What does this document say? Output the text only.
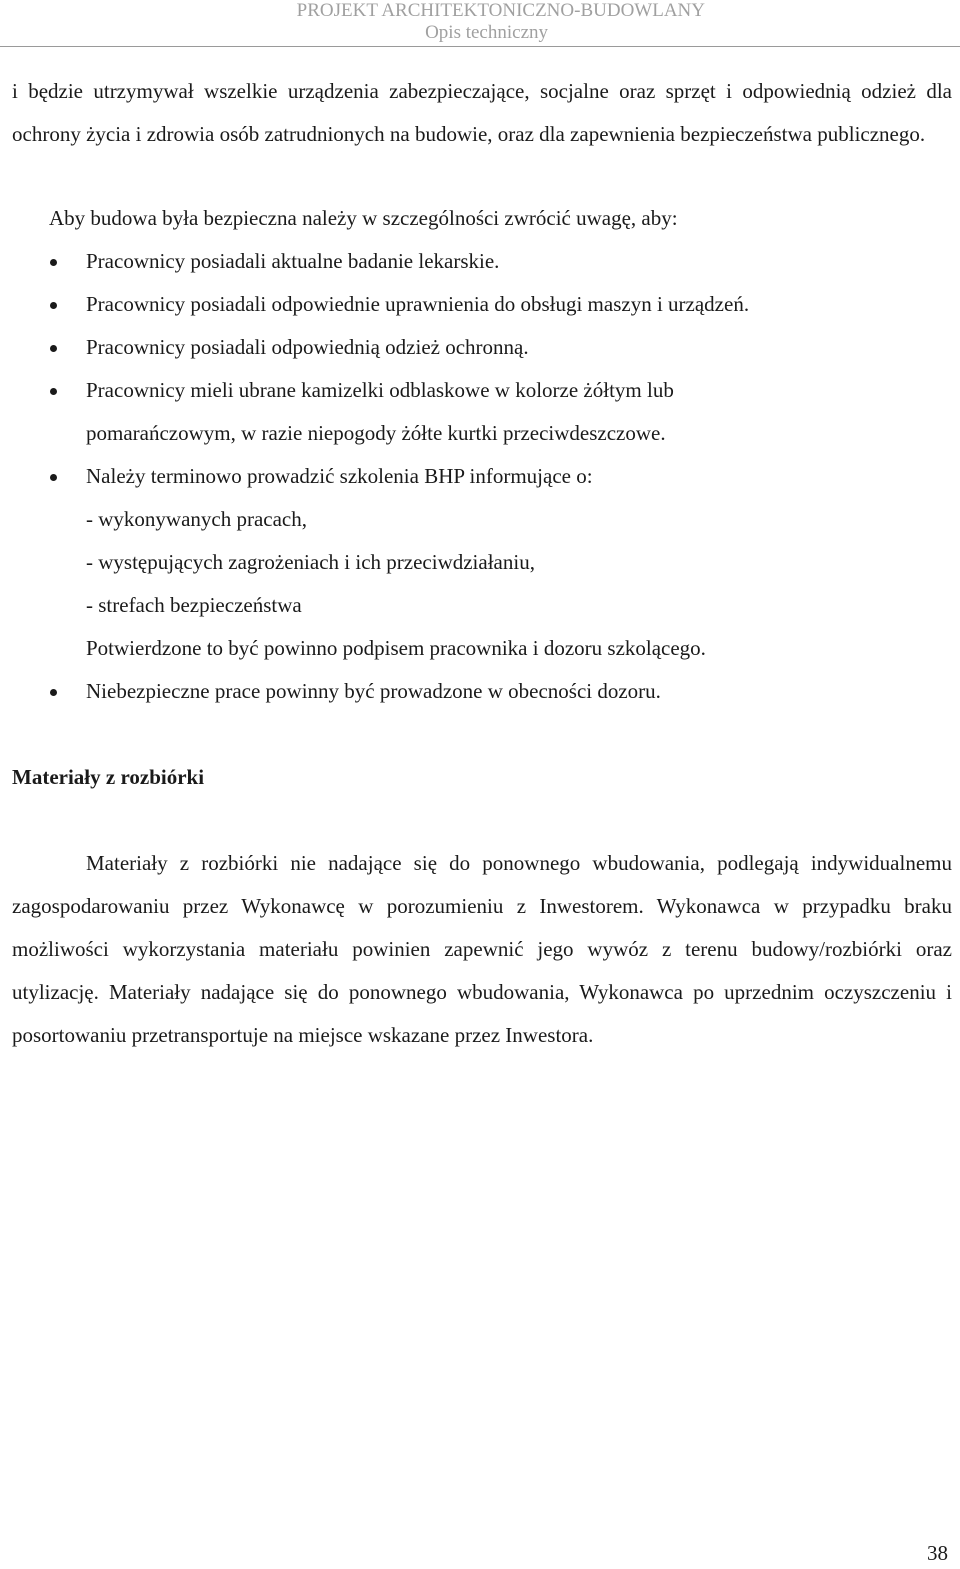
PROJEKT ARCHITEKTONICZNO-BUDOWLANY
Opis techniczny

i będzie utrzymywał wszelkie urządzenia zabezpieczające, socjalne oraz sprzęt i odpowiednią odzież dla ochrony życia i zdrowia osób zatrudnionych na budowie, oraz dla zapewnienia bezpieczeństwa publicznego.

Aby budowa była bezpieczna należy w szczególności zwrócić uwagę, aby:

Pracownicy posiadali aktualne badanie lekarskie.
Pracownicy posiadali odpowiednie uprawnienia do obsługi maszyn i urządzeń.
Pracownicy posiadali odpowiednią odzież ochronną.
Pracownicy mieli ubrane kamizelki odblaskowe w kolorze żółtym lub
pomarańczowym, w razie niepogody żółte kurtki przeciwdeszczowe.
Należy terminowo prowadzić szkolenia BHP informujące o:
- wykonywanych pracach,
- występujących zagrożeniach i ich przeciwdziałaniu,
- strefach bezpieczeństwa
Potwierdzone to być powinno podpisem pracownika i dozoru szkolącego.
Niebezpieczne prace powinny być prowadzone w obecności dozoru.
Materiały z rozbiórki

Materiały z rozbiórki nie nadające się do ponownego wbudowania, podlegają indywidualnemu zagospodarowaniu przez Wykonawcę w porozumieniu z Inwestorem. Wykonawca w przypadku braku możliwości wykorzystania materiału powinien zapewnić jego wywóz z terenu budowy/rozbiórki oraz utylizację. Materiały nadające się do ponownego wbudowania, Wykonawca po uprzednim oczyszczeniu i posortowaniu przetransportuje na miejsce wskazane przez Inwestora.

38
